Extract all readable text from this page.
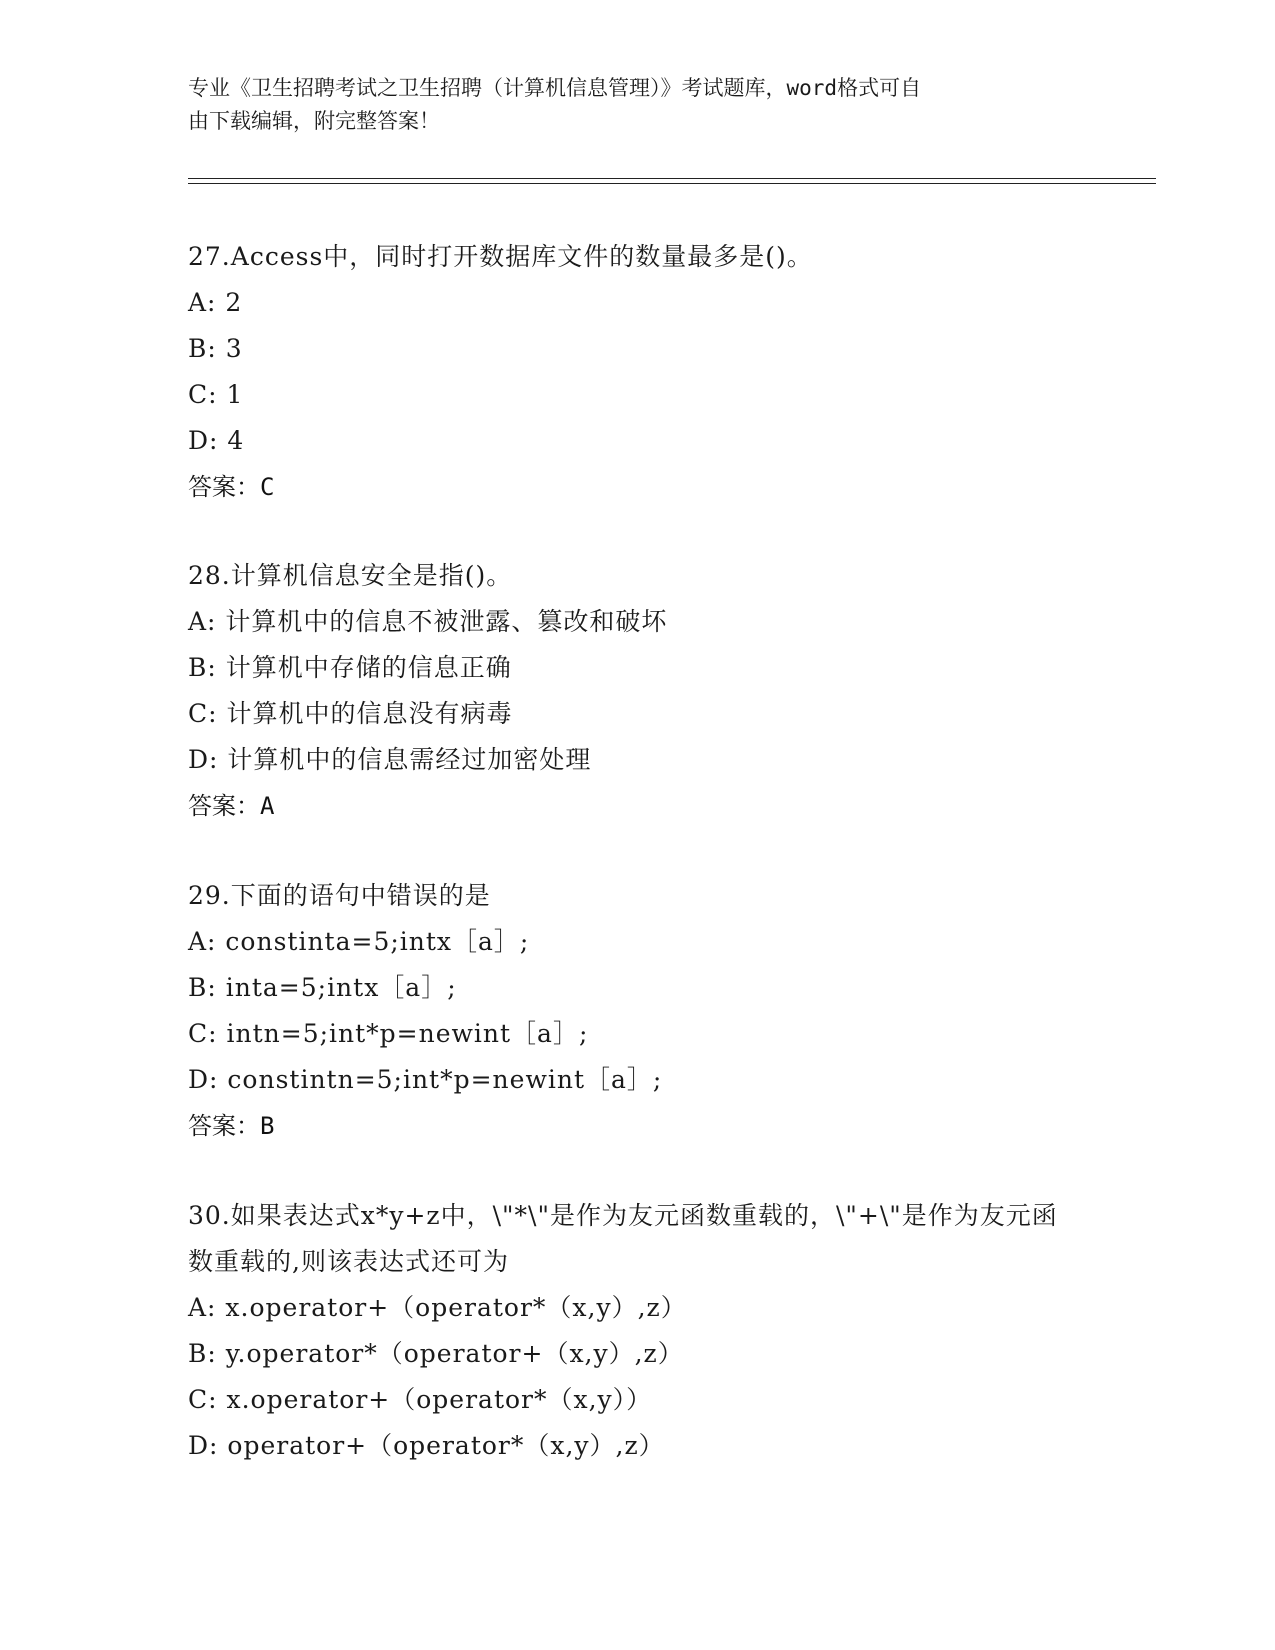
专业《卫生招聘考试之卫生招聘（计算机信息管理）》考试题库，word格式可自
由下载编辑，附完整答案！
27.Access中，同时打开数据库文件的数量最多是()。
A: 2
B: 3
C: 1
D: 4
答案：C
28.计算机信息安全是指()。
A: 计算机中的信息不被泄露、篡改和破坏
B: 计算机中存储的信息正确
C: 计算机中的信息没有病毒
D: 计算机中的信息需经过加密处理
答案：A
29.下面的语句中错误的是
A: constinta=5;intx［a］;
B: inta=5;intx［a］;
C: intn=5;int*p=newint［a］;
D: constintn=5;int*p=newint［a］;
答案：B
30.如果表达式x*y+z中，\"*\"是作为友元函数重载的，\"+\"是作为友元函数重载的,则该表达式还可为
A: x.operator+（operator*（x,y）,z）
B: y.operator*（operator+（x,y）,z）
C: x.operator+（operator*（x,y））
D: operator+（operator*（x,y）,z）
